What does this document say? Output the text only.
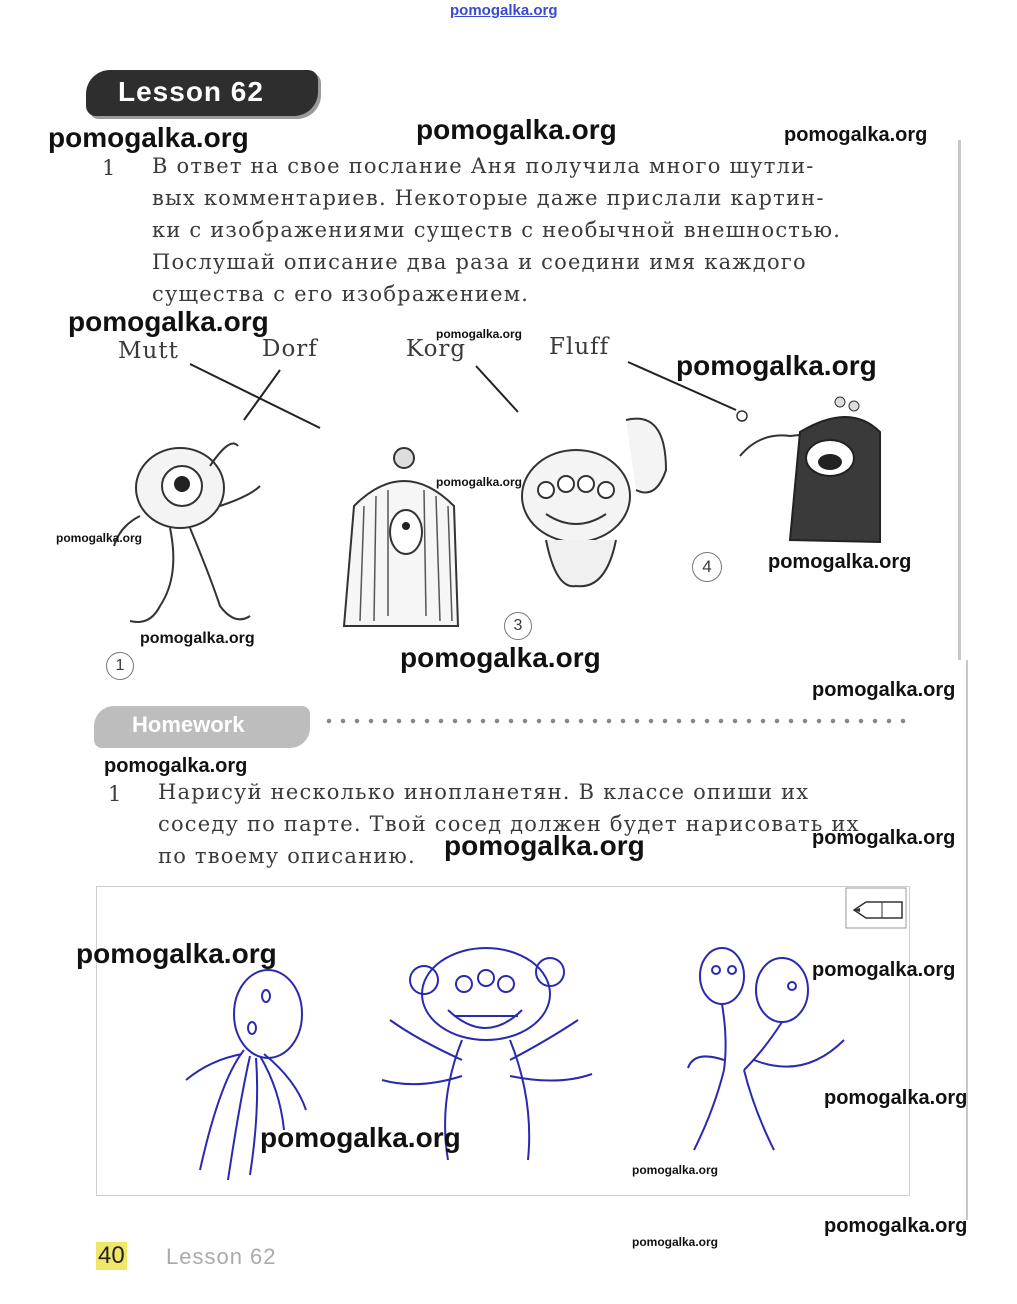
pomogalka.org
Lesson 62
1 В ответ на свое послание Аня получила много шутли-
вых комментариев. Некоторые даже прислали картин-
ки с изображениями существ с необычной внешностью.
Послушай описание два раза и соедини имя каждого
существа с его изображением.
Mutt	Dorf	Korg	Fluff
1
3
4
Homework
1 Нарисуй несколько инопланетян. В классе опиши их
соседу по парте. Твой сосед должен будет нарисовать их
по твоему описанию.
pomogalka.org	pomogalka.org	pomogalka.org
pomogalka.org	pomogalka.org
pomogalka.org
pomogalka.org
pomogalka.org
pomogalka.org
pomogalka.org
pomogalka.org
pomogalka.org
pomogalka.org
pomogalka.org
pomogalka.org
pomogalka.org
pomogalka.org
pomogalka.org
pomogalka.org
pomogalka.org
pomogalka.org
pomogalka.org
40 Lesson 62
